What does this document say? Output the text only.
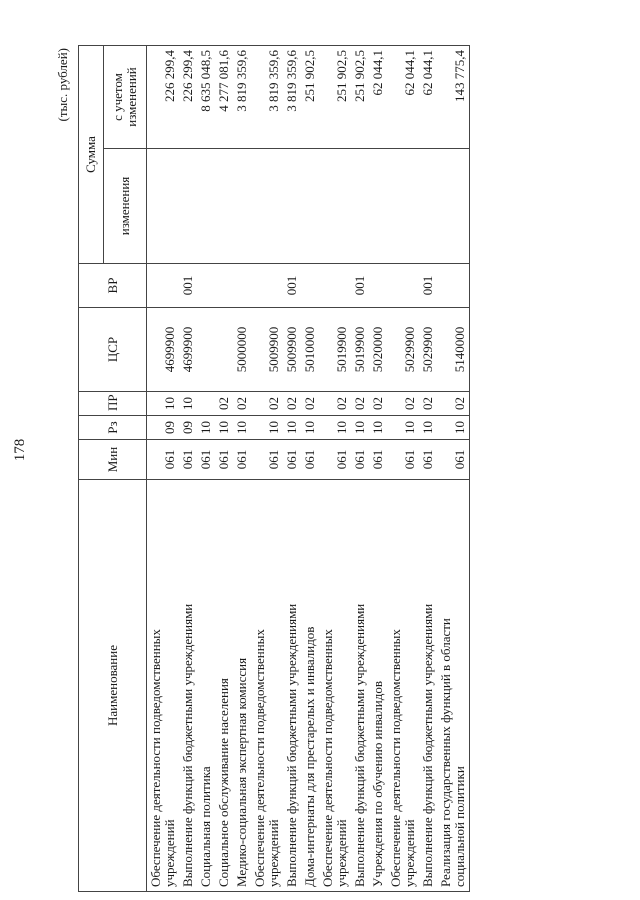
178
(тыс. рублей)
Наименование	Мин	Рз	ПР	ЦСР	ВР	Сумма	
						изменения	с учетом
изменений
Обеспечение деятельности подведомственных
учреждений	061	09	10	4699900			226 299,4
Выполнение функций бюджетными учреждениями	061	09	10	4699900	001		226 299,4
Социальная политика	061	10					8 635 048,5
Социальное обслуживание населения	061	10	02				4 277 081,6
Медико-социальная экспертная комиссия	061	10	02	5000000			3 819 359,6
Обеспечение деятельности подведомственных
учреждений	061	10	02	5009900			3 819 359,6
Выполнение функций бюджетными учреждениями	061	10	02	5009900	001		3 819 359,6
Дома-интернаты для престарелых и инвалидов	061	10	02	5010000			251 902,5
Обеспечение деятельности подведомственных
учреждений	061	10	02	5019900			251 902,5
Выполнение функций бюджетными учреждениями	061	10	02	5019900	001		251 902,5
Учреждения по обучению инвалидов	061	10	02	5020000			62 044,1
Обеспечение деятельности подведомственных
учреждений	061	10	02	5029900			62 044,1
Выполнение функций бюджетными учреждениями	061	10	02	5029900	001		62 044,1
Реализация государственных функций в области
социальной политики	061	10	02	5140000			143 775,4
